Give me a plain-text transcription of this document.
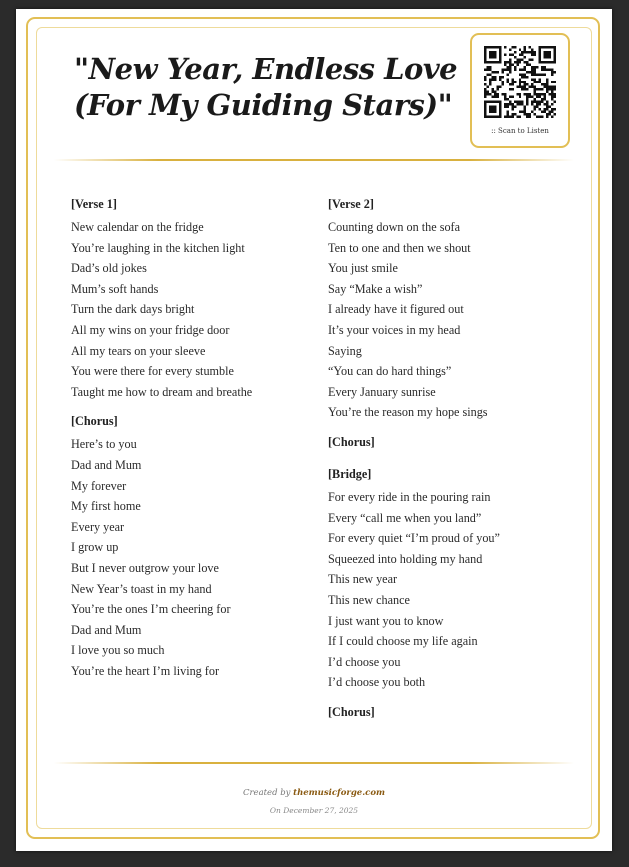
"New Year, Endless Love
(For My Guiding Stars)"
:: Scan to Listen
[Verse 1]
New calendar on the fridge
You’re laughing in the kitchen light
Dad’s old jokes
Mum’s soft hands
Turn the dark days bright
All my wins on your fridge door
All my tears on your sleeve
You were there for every stumble
Taught me how to dream and breathe
[Chorus]
Here’s to you
Dad and Mum
My forever
My first home
Every year
I grow up
But I never outgrow your love
New Year’s toast in my hand
You’re the ones I’m cheering for
Dad and Mum
I love you so much
You’re the heart I’m living for
[Verse 2]
Counting down on the sofa
Ten to one and then we shout
You just smile
Say “Make a wish”
I already have it figured out
It’s your voices in my head
Saying
“You can do hard things”
Every January sunrise
You’re the reason my hope sings
[Chorus]
[Bridge]
For every ride in the pouring rain
Every “call me when you land”
For every quiet “I’m proud of you”
Squeezed into holding my hand
This new year
This new chance
I just want you to know
If I could choose my life again
I’d choose you
I’d choose you both
[Chorus]
Created by themusicforge.com
On December 27, 2025
